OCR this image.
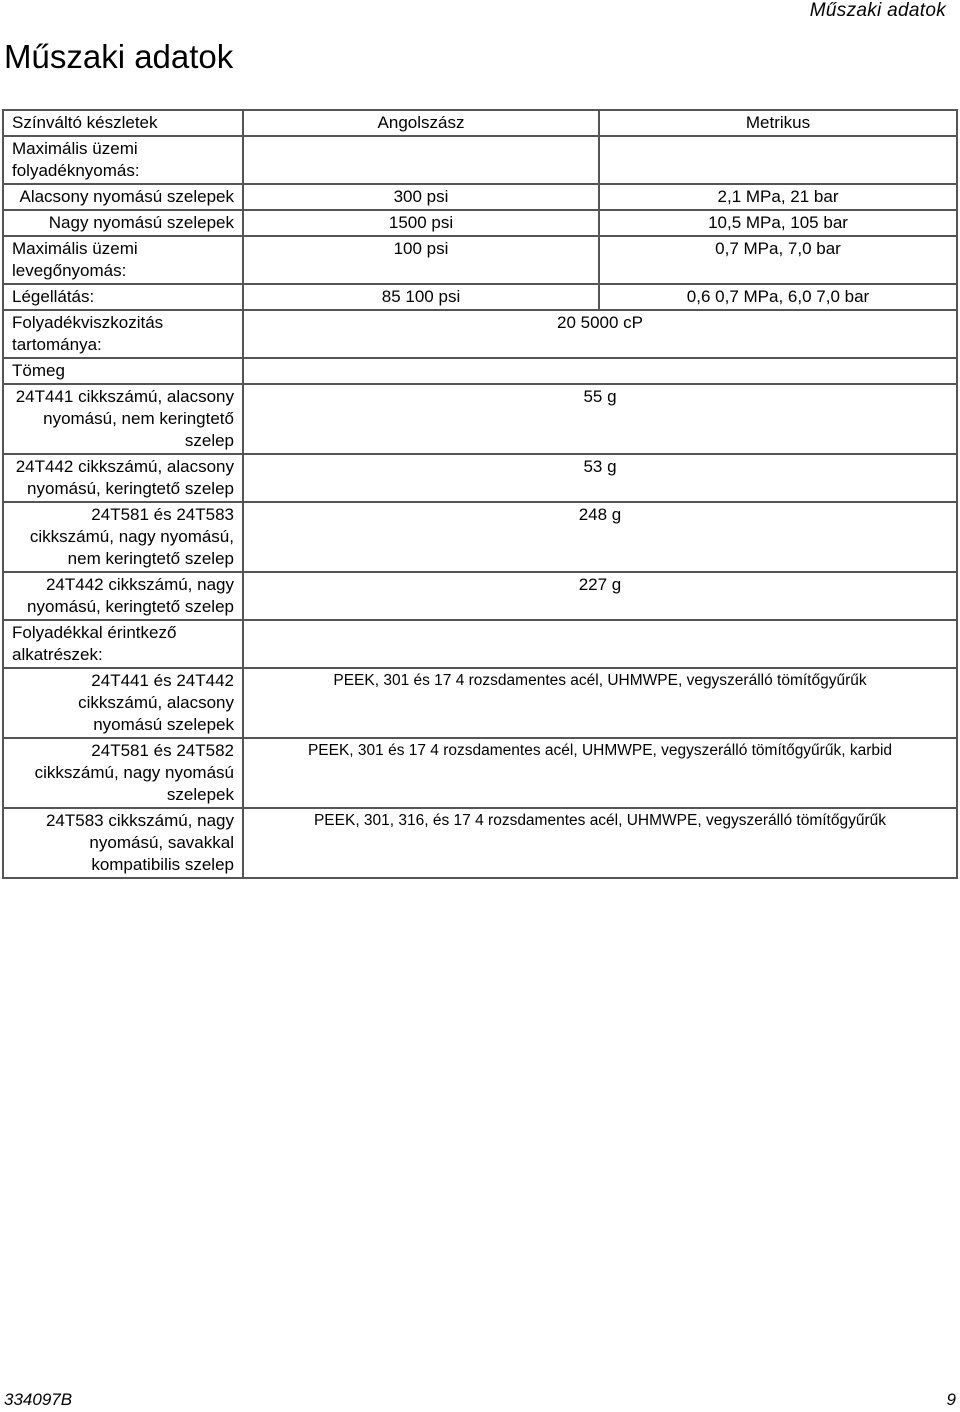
Műszaki adatok
Műszaki adatok
Színváltó készletek	Angolszász	Metrikus
Maximális üzemi folyadéknyomás:		
Alacsony nyomású szelepek	300 psi	2,1 MPa, 21 bar
Nagy nyomású szelepek	1500 psi	10,5 MPa, 105 bar
Maximális üzemi levegőnyomás:	100 psi	0,7 MPa, 7,0 bar
Légellátás:	85 100 psi	0,6 0,7 MPa, 6,0 7,0 bar
Folyadékviszkozitás tartománya:	20 5000 cP	
Tömeg		
24T441 cikkszámú, alacsony nyomású, nem keringtető szelep	55 g	
24T442 cikkszámú, alacsony nyomású, keringtető szelep	53 g	
24T581 és 24T583 cikkszámú, nagy nyomású, nem keringtető szelep	248 g	
24T442 cikkszámú, nagy nyomású, keringtető szelep	227 g	
Folyadékkal érintkező alkatrészek:		
24T441 és 24T442 cikkszámú, alacsony nyomású szelepek	PEEK, 301 és 17 4 rozsdamentes acél, UHMWPE, vegyszerálló tömítőgyűrűk	
24T581 és 24T582 cikkszámú, nagy nyomású szelepek	PEEK, 301 és 17 4 rozsdamentes acél, UHMWPE, vegyszerálló tömítőgyűrűk, karbid	
24T583 cikkszámú, nagy nyomású, savakkal kompatibilis szelep	PEEK, 301, 316, és 17 4 rozsdamentes acél, UHMWPE, vegyszerálló tömítőgyűrűk	
334097B	9
